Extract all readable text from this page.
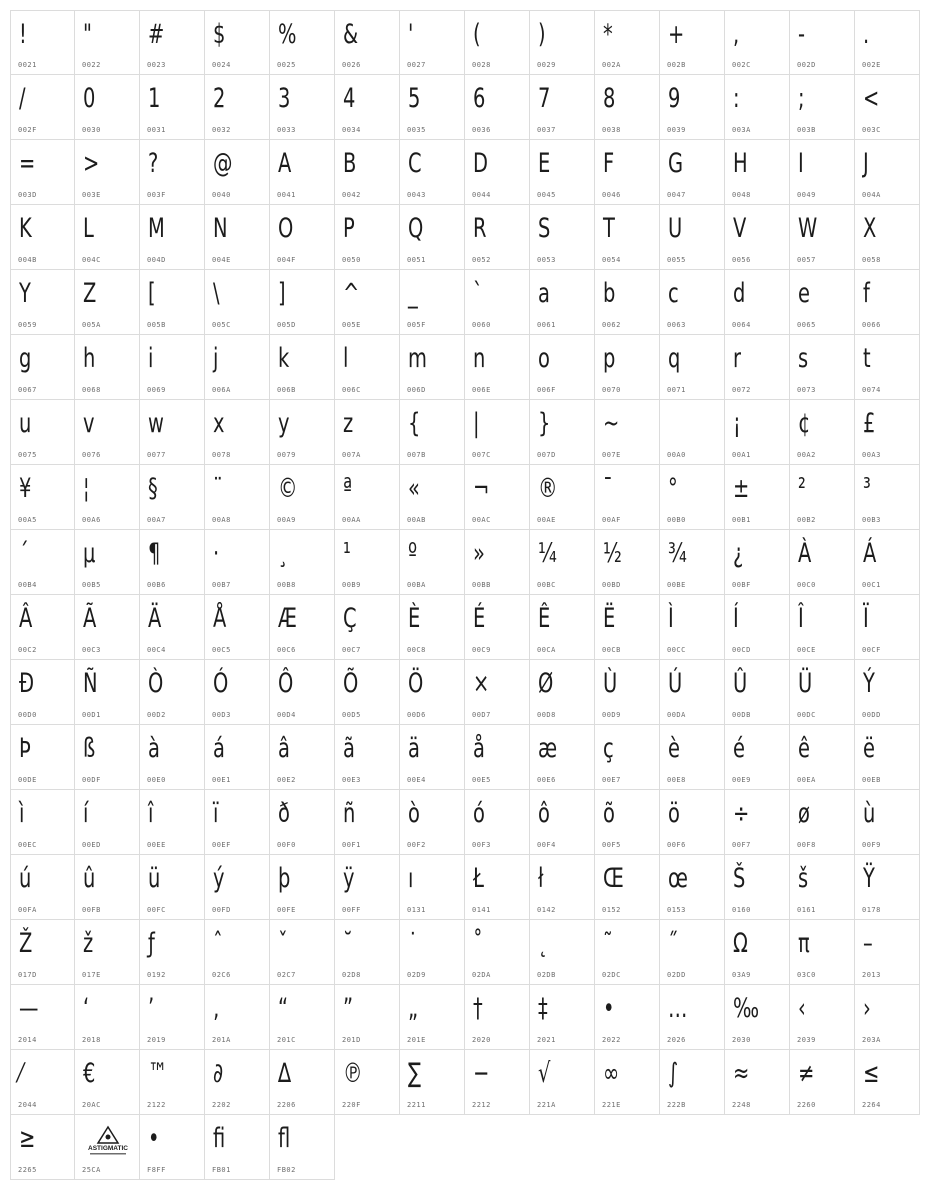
!
0021
"
0022
#
0023
$
0024
%
0025
&
0026
'
0027
(
0028
)
0029
*
002A
+
002B
,
002C
-
002D
.
002E
/
002F
0
0030
1
0031
2
0032
3
0033
4
0034
5
0035
6
0036
7
0037
8
0038
9
0039
:
003A
;
003B
<
003C
=
003D
>
003E
?
003F
@
0040
A
0041
B
0042
C
0043
D
0044
E
0045
F
0046
G
0047
H
0048
I
0049
J
004A
K
004B
L
004C
M
004D
N
004E
O
004F
P
0050
Q
0051
R
0052
S
0053
T
0054
U
0055
V
0056
W
0057
X
0058
Y
0059
Z
005A
[
005B
\
005C
]
005D
^
005E
_
005F
`
0060
a
0061
b
0062
c
0063
d
0064
e
0065
f
0066
g
0067
h
0068
i
0069
j
006A
k
006B
l
006C
m
006D
n
006E
o
006F
p
0070
q
0071
r
0072
s
0073
t
0074
u
0075
v
0076
w
0077
x
0078
y
0079
z
007A
{
007B
|
007C
}
007D
~
007E	00A0
¡
00A1
¢
00A2
£
00A3
¥
00A5
¦
00A6
§
00A7
¨
00A8
©
00A9
ª
00AA
«
00AB
¬
00AC
®
00AE
¯
00AF
°
00B0
±
00B1
²
00B2
³
00B3
´
00B4
µ
00B5
¶
00B6
·
00B7
¸
00B8
¹
00B9
º
00BA
»
00BB
¼
00BC
½
00BD
¾
00BE
¿
00BF
À
00C0
Á
00C1
Â
00C2
Ã
00C3
Ä
00C4
Å
00C5
Æ
00C6
Ç
00C7
È
00C8
É
00C9
Ê
00CA
Ë
00CB
Ì
00CC
Í
00CD
Î
00CE
Ï
00CF
Ð
00D0
Ñ
00D1
Ò
00D2
Ó
00D3
Ô
00D4
Õ
00D5
Ö
00D6
×
00D7
Ø
00D8
Ù
00D9
Ú
00DA
Û
00DB
Ü
00DC
Ý
00DD
Þ
00DE
ß
00DF
à
00E0
á
00E1
â
00E2
ã
00E3
ä
00E4
å
00E5
æ
00E6
ç
00E7
è
00E8
é
00E9
ê
00EA
ë
00EB
ì
00EC
í
00ED
î
00EE
ï
00EF
ð
00F0
ñ
00F1
ò
00F2
ó
00F3
ô
00F4
õ
00F5
ö
00F6
÷
00F7
ø
00F8
ù
00F9
ú
00FA
û
00FB
ü
00FC
ý
00FD
þ
00FE
ÿ
00FF
ı
0131
Ł
0141
ł
0142
Œ
0152
œ
0153
Š
0160
š
0161
Ÿ
0178
Ž
017D
ž
017E
ƒ
0192
ˆ
02C6
ˇ
02C7
˘
02D8
˙
02D9
˚
02DA
˛
02DB
˜
02DC
˝
02DD
Ω
03A9
π
03C0
–
2013
—
2014
‘
2018
’
2019
‚
201A
“
201C
”
201D
„
201E
†
2020
‡
2021
•
2022
…
2026
‰
2030
‹
2039
›
203A
⁄
2044
€
20AC
™
2122
∂
2202
∆
2206
℗
220F
∑
2211
−
2212
√
221A
∞
221E
∫
222B
≈
2248
≠
2260
≤
2264
≥
2265
ASTIGMATIC
25CA
•
F8FF
ﬁ
FB01
ﬂ
FB02
